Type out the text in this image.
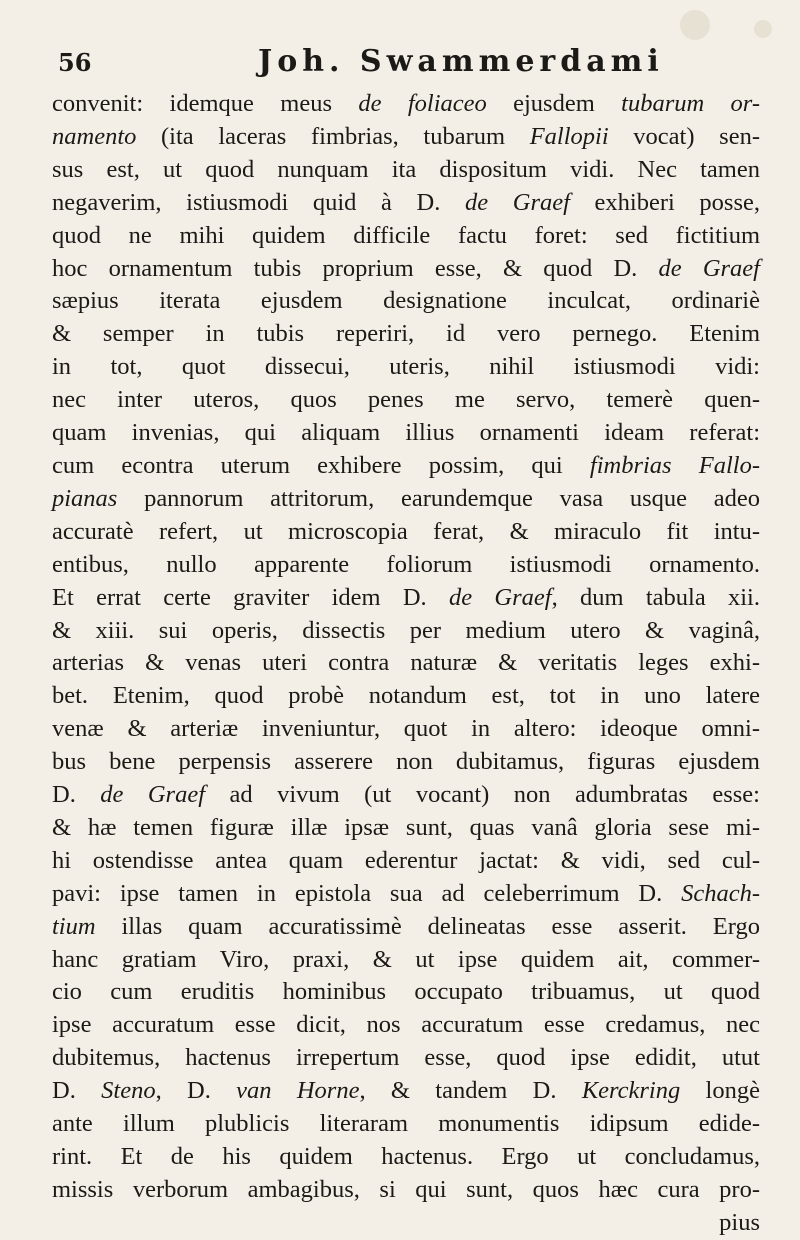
56	Joh. Swammerdami
convenit: idemque meus de foliaceo ejusdem tubarum or-
namento (ita laceras fimbrias, tubarum Fallopii vocat) sen-
sus est, ut quod nunquam ita dispositum vidi. Nec tamen
negaverim, istiusmodi quid à D. de Graef exhiberi posse,
quod ne mihi quidem difficile factu foret: sed fictitium
hoc ornamentum tubis proprium esse, & quod D. de Graef
sæpius iterata ejusdem designatione inculcat, ordinariè
& semper in tubis reperiri, id vero pernego. Etenim
in tot, quot dissecui, uteris, nihil istiusmodi vidi:
nec inter uteros, quos penes me servo, temerè quen-
quam invenias, qui aliquam illius ornamenti ideam referat:
cum econtra uterum exhibere possim, qui fimbrias Fallo-
pianas pannorum attritorum, earundemque vasa usque adeo
accuratè refert, ut microscopia ferat, & miraculo fit intu-
entibus, nullo apparente foliorum istiusmodi ornamento.
Et errat certe graviter idem D. de Graef, dum tabula xii.
& xiii. sui operis, dissectis per medium utero & vaginâ,
arterias & venas uteri contra naturæ & veritatis leges exhi-
bet. Etenim, quod probè notandum est, tot in uno latere
venæ & arteriæ inveniuntur, quot in altero: ideoque omni-
bus bene perpensis asserere non dubitamus, figuras ejusdem
D. de Graef ad vivum (ut vocant) non adumbratas esse:
& hæ temen figuræ illæ ipsæ sunt, quas vanâ gloria sese mi-
hi ostendisse antea quam ederentur jactat: & vidi, sed cul-
pavi: ipse tamen in epistola sua ad celeberrimum D. Schach-
tium illas quam accuratissimè delineatas esse asserit. Ergo
hanc gratiam Viro, praxi, & ut ipse quidem ait, commer-
cio cum eruditis hominibus occupato tribuamus, ut quod
ipse accuratum esse dicit, nos accuratum esse credamus, nec
dubitemus, hactenus irrepertum esse, quod ipse edidit, utut
D. Steno, D. van Horne, & tandem D. Kerckring longè
ante illum plublicis literaram monumentis idipsum edide-
rint. Et de his quidem hactenus. Ergo ut concludamus,
missis verborum ambagibus, si qui sunt, quos hæc cura pro-
pius
